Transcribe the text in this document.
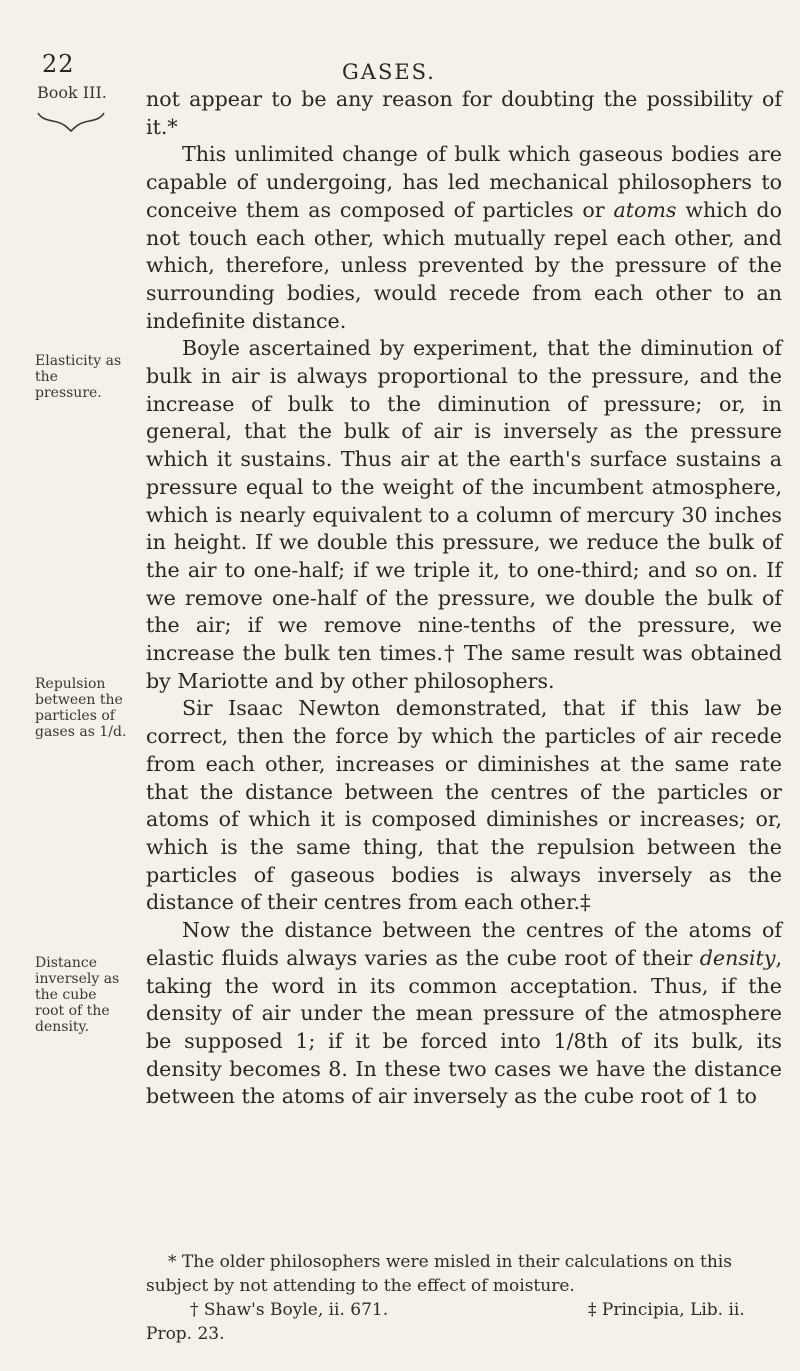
22	GASES.
Book III.
Elasticity as the pressure.
Repulsion between the particles of gases as 1/d.
Distance inversely as the cube root of the density.

not appear to be any reason for doubting the possibility of it.*

This unlimited change of bulk which gaseous bodies are capable of undergoing, has led mechanical philosophers to conceive them as composed of particles or atoms which do not touch each other, which mutually repel each other, and which, therefore, unless prevented by the pressure of the surrounding bodies, would recede from each other to an indefinite distance.

Boyle ascertained by experiment, that the diminution of bulk in air is always proportional to the pressure, and the increase of bulk to the diminution of pressure; or, in general, that the bulk of air is inversely as the pressure which it sustains. Thus air at the earth's surface sustains a pressure equal to the weight of the incumbent atmosphere, which is nearly equivalent to a column of mercury 30 inches in height. If we double this pressure, we reduce the bulk of the air to one-half; if we triple it, to one-third; and so on. If we remove one-half of the pressure, we double the bulk of the air; if we remove nine-tenths of the pressure, we increase the bulk ten times.† The same result was obtained by Mariotte and by other philosophers.

Sir Isaac Newton demonstrated, that if this law be correct, then the force by which the particles of air recede from each other, increases or diminishes at the same rate that the distance between the centres of the particles or atoms of which it is composed diminishes or increases; or, which is the same thing, that the repulsion between the particles of gaseous bodies is always inversely as the distance of their centres from each other.‡

Now the distance between the centres of the atoms of elastic fluids always varies as the cube root of their density, taking the word in its common acceptation. Thus, if the density of air under the mean pressure of the atmosphere be supposed 1; if it be forced into 1/8th of its bulk, its density becomes 8. In these two cases we have the distance between the atoms of air inversely as the cube root of 1 to

* The older philosophers were misled in their calculations on this subject by not attending to the effect of moisture.

† Shaw's Boyle, ii. 671.	‡ Principia, Lib. ii. Prop. 23.
